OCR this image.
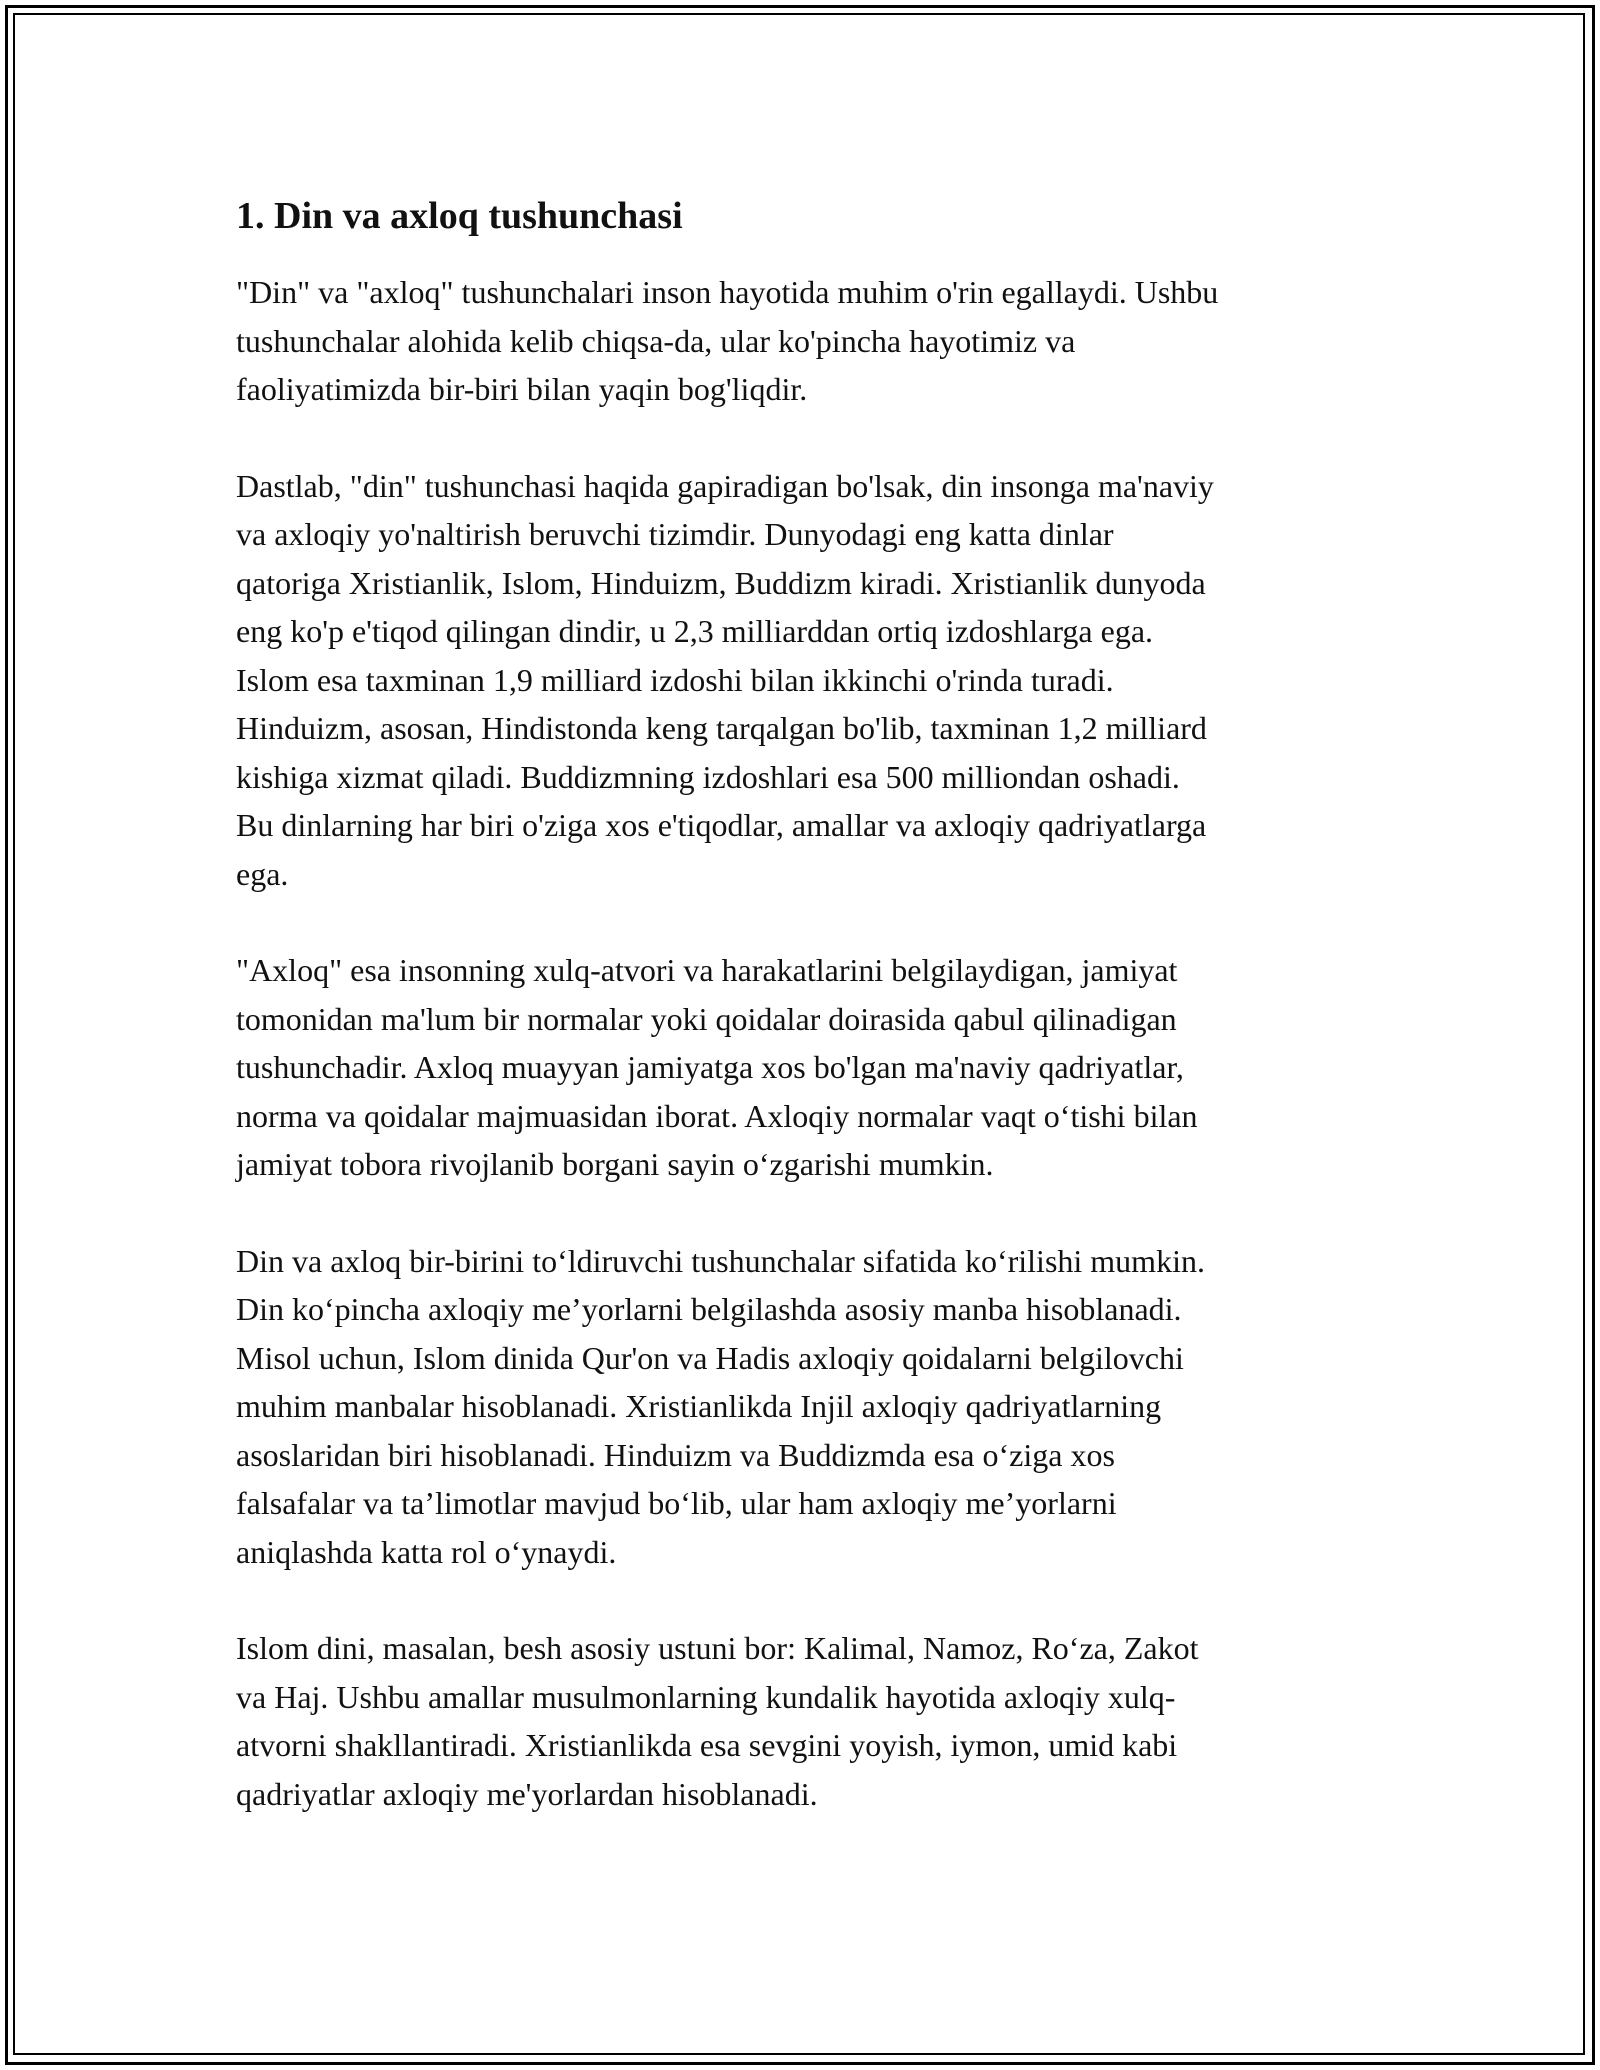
1. Din va axloq tushunchasi

"Din" va "axloq" tushunchalari inson hayotida muhim o'rin egallaydi. Ushbu
tushunchalar alohida kelib chiqsa-da, ular ko'pincha hayotimiz va
faoliyatimizda bir-biri bilan yaqin bog'liqdir.

Dastlab, "din" tushunchasi haqida gapiradigan bo'lsak, din insonga ma'naviy
va axloqiy yo'naltirish beruvchi tizimdir. Dunyodagi eng katta dinlar
qatoriga Xristianlik, Islom, Hinduizm, Buddizm kiradi. Xristianlik dunyoda
eng ko'p e'tiqod qilingan dindir, u 2,3 milliarddan ortiq izdoshlarga ega.
Islom esa taxminan 1,9 milliard izdoshi bilan ikkinchi o'rinda turadi.
Hinduizm, asosan, Hindistonda keng tarqalgan bo'lib, taxminan 1,2 milliard
kishiga xizmat qiladi. Buddizmning izdoshlari esa 500 milliondan oshadi.
Bu dinlarning har biri o'ziga xos e'tiqodlar, amallar va axloqiy qadriyatlarga
ega.

"Axloq" esa insonning xulq-atvori va harakatlarini belgilaydigan, jamiyat
tomonidan ma'lum bir normalar yoki qoidalar doirasida qabul qilinadigan
tushunchadir. Axloq muayyan jamiyatga xos bo'lgan ma'naviy qadriyatlar,
norma va qoidalar majmuasidan iborat. Axloqiy normalar vaqt o‘tishi bilan
jamiyat tobora rivojlanib borgani sayin o‘zgarishi mumkin.

Din va axloq bir-birini to‘ldiruvchi tushunchalar sifatida ko‘rilishi mumkin.
Din ko‘pincha axloqiy me’yorlarni belgilashda asosiy manba hisoblanadi.
Misol uchun, Islom dinida Qur'on va Hadis axloqiy qoidalarni belgilovchi
muhim manbalar hisoblanadi. Xristianlikda Injil axloqiy qadriyatlarning
asoslaridan biri hisoblanadi. Hinduizm va Buddizmda esa o‘ziga xos
falsafalar va ta’limotlar mavjud bo‘lib, ular ham axloqiy me’yorlarni
aniqlashda katta rol o‘ynaydi.

Islom dini, masalan, besh asosiy ustuni bor: Kalimal, Namoz, Ro‘za, Zakot
va Haj. Ushbu amallar musulmonlarning kundalik hayotida axloqiy xulq-
atvorni shakllantiradi. Xristianlikda esa sevgini yoyish, iymon, umid kabi
qadriyatlar axloqiy me'yorlardan hisoblanadi.
